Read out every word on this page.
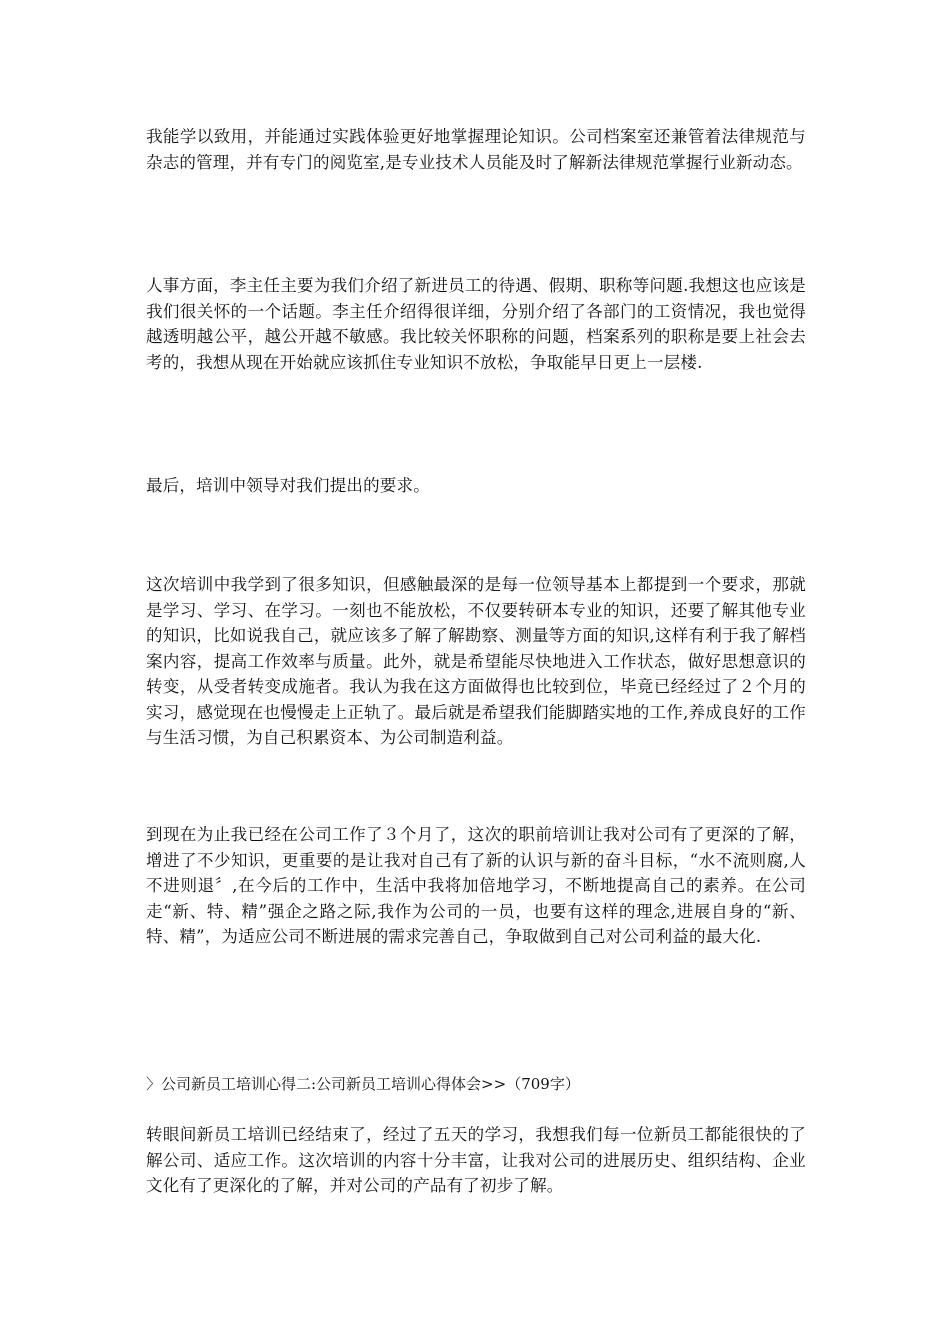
我能学以致用，并能通过实践体验更好地掌握理论知识。公司档案室还兼管着法律规范与杂志的管理，并有专门的阅览室,是专业技术人员能及时了解新法律规范掌握行业新动态。

人事方面，李主任主要为我们介绍了新进员工的待遇、假期、职称等问题.我想这也应该是我们很关怀的一个话题。李主任介绍得很详细，分别介绍了各部门的工资情况，我也觉得越透明越公平，越公开越不敏感。我比较关怀职称的问题，档案系列的职称是要上社会去考的，我想从现在开始就应该抓住专业知识不放松，争取能早日更上一层楼.

最后，培训中领导对我们提出的要求。

这次培训中我学到了很多知识，但感触最深的是每一位领导基本上都提到一个要求，那就是学习、学习、在学习。一刻也不能放松，不仅要转研本专业的知识，还要了解其他专业的知识，比如说我自己，就应该多了解了解勘察、测量等方面的知识,这样有利于我了解档案内容，提高工作效率与质量。此外，就是希望能尽快地进入工作状态，做好思想意识的转变，从受者转变成施者。我认为我在这方面做得也比较到位，毕竟已经经过了２个月的实习，感觉现在也慢慢走上正轨了。最后就是希望我们能脚踏实地的工作,养成良好的工作与生活习惯，为自己积累资本、为公司制造利益。

到现在为止我已经在公司工作了３个月了，这次的职前培训让我对公司有了更深的了解，增进了不少知识，更重要的是让我对自己有了新的认识与新的奋斗目标，“水不流则腐,人不进则退〞,在今后的工作中，生活中我将加倍地学习，不断地提高自己的素养。在公司走“新、特、精”强企之路之际,我作为公司的一员，也要有这样的理念,进展自身的“新、特、精”，为适应公司不断进展的需求完善自己，争取做到自己对公司利益的最大化.

〉公司新员工培训心得二:公司新员工培训心得体会>>（709字）

转眼间新员工培训已经结束了，经过了五天的学习，我想我们每一位新员工都能很快的了解公司、适应工作。这次培训的内容十分丰富，让我对公司的进展历史、组织结构、企业文化有了更深化的了解，并对公司的产品有了初步了解。
